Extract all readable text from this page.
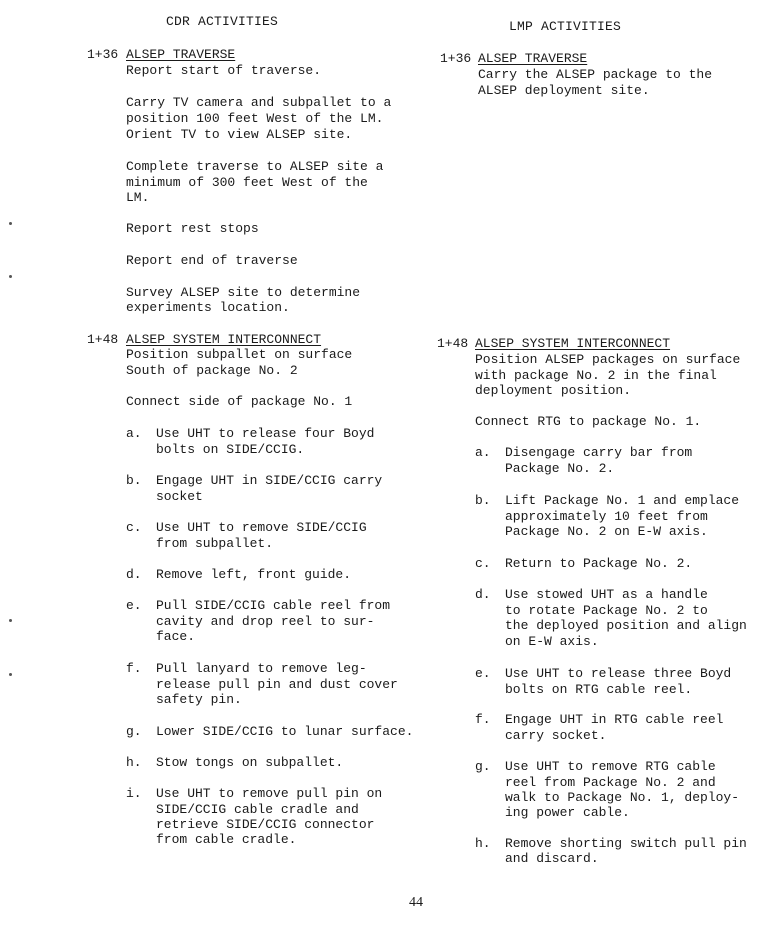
CDR ACTIVITIES	LMP ACTIVITIES
1+36 ALSEP TRAVERSE
Report start of traverse.
Carry TV camera and subpallet to a
position 100 feet West of the LM.
Orient TV to view ALSEP site.
Complete traverse to ALSEP site a
minimum of 300 feet West of the
LM.
Report rest stops
Report end of traverse
Survey ALSEP site to determine
experiments location.
1+48 ALSEP SYSTEM INTERCONNECT
Position subpallet on surface
South of package No. 2
Connect side of package No. 1
a. Use UHT to release four Boyd
bolts on SIDE/CCIG.
b. Engage UHT in SIDE/CCIG carry
socket
c. Use UHT to remove SIDE/CCIG
from subpallet.
d. Remove left, front guide.
e. Pull SIDE/CCIG cable reel from
cavity and drop reel to sur-
face.
f. Pull lanyard to remove leg-
release pull pin and dust cover
safety pin.
g. Lower SIDE/CCIG to lunar surface.
h. Stow tongs on subpallet.
i. Use UHT to remove pull pin on
SIDE/CCIG cable cradle and
retrieve SIDE/CCIG connector
from cable cradle.
1+36 ALSEP TRAVERSE
Carry the ALSEP package to the
ALSEP deployment site.
1+48 ALSEP SYSTEM INTERCONNECT
Position ALSEP packages on surface
with package No. 2 in the final
deployment position.
Connect RTG to package No. 1.
a. Disengage carry bar from
Package No. 2.
b. Lift Package No. 1 and emplace
approximately 10 feet from
Package No. 2 on E-W axis.
c. Return to Package No. 2.
d. Use stowed UHT as a handle
to rotate Package No. 2 to
the deployed position and align
on E-W axis.
e. Use UHT to release three Boyd
bolts on RTG cable reel.
f. Engage UHT in RTG cable reel
carry socket.
g. Use UHT to remove RTG cable
reel from Package No. 2 and
walk to Package No. 1, deploy-
ing power cable.
h. Remove shorting switch pull pin
and discard.
44
